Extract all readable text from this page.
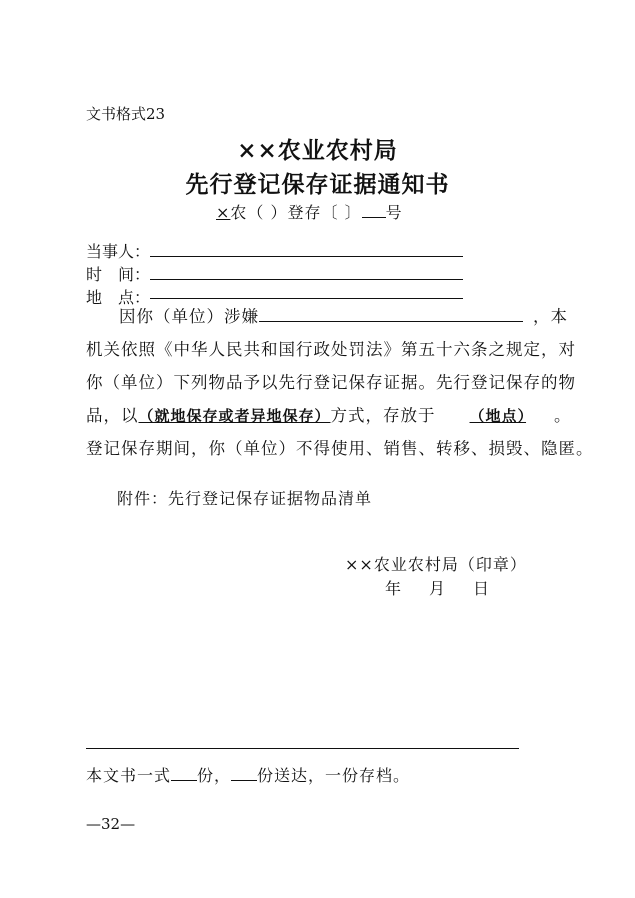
文书格式23
××农业农村局
先行登记保存证据通知书
×农（ ）登存〔 〕 号
当事人：
时　间：
地　点：
因你（单位）涉嫌	，本
机关依照《中华人民共和国行政处罚法》第五十六条之规定，对
你（单位）下列物品予以先行登记保存证据。先行登记保存的物
品，以（就地保存或者异地保存）方式，存放于 （地点） 。
登记保存期间，你（单位）不得使用、销售、转移、损毁、隐匿。
附件：先行登记保存证据物品清单
××农业农村局（印章）
年 月 日
本文书一式 份， 份送达，一份存档。
—32—
